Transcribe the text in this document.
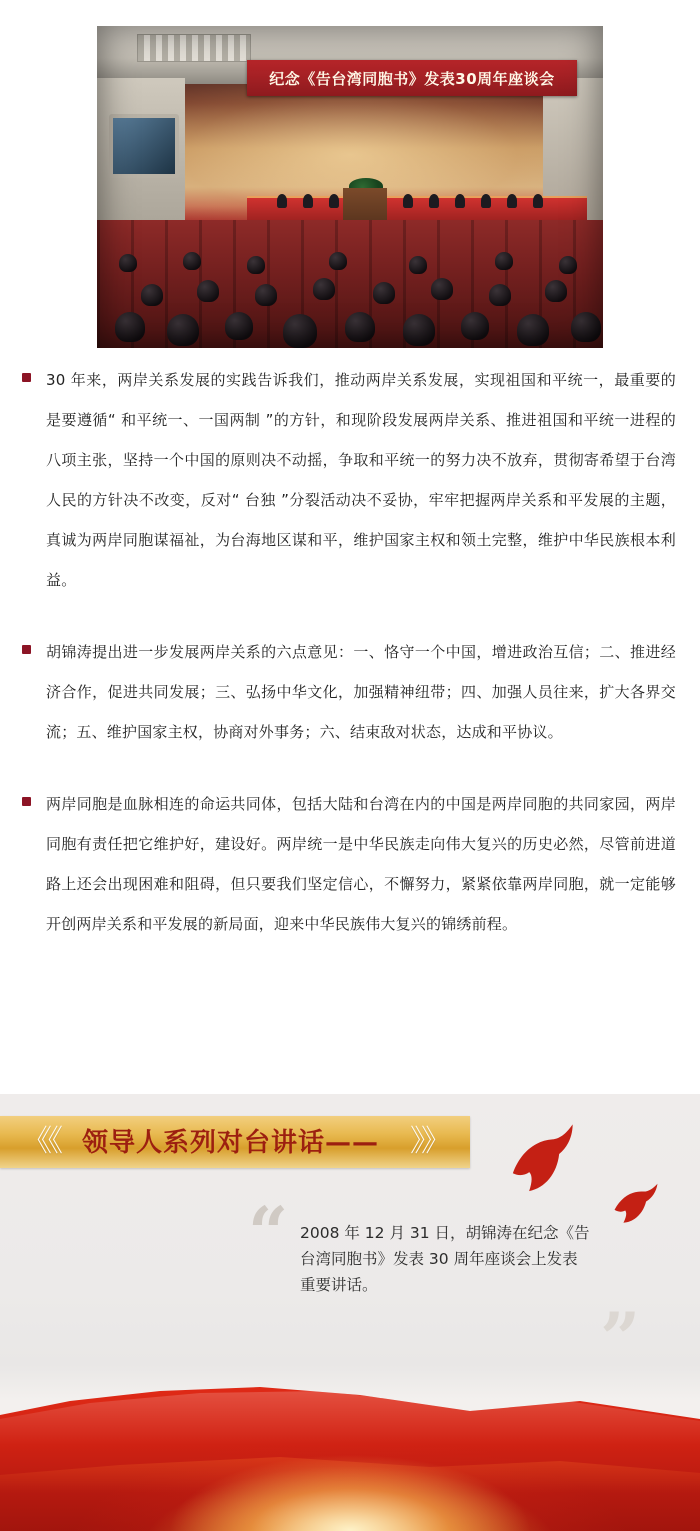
纪念《告台湾同胞书》发表30周年座谈会

30 年来，两岸关系发展的实践告诉我们，推动两岸关系发展，实现祖国和平统一，最重要的是要遵循“ 和平统一、一国两制 ”的方针，和现阶段发展两岸关系、推进祖国和平统一进程的八项主张，坚持一个中国的原则决不动摇，争取和平统一的努力决不放弃，贯彻寄希望于台湾人民的方针决不改变，反对“ 台独 ”分裂活动决不妥协，牢牢把握两岸关系和平发展的主题，真诚为两岸同胞谋福祉，为台海地区谋和平，维护国家主权和领土完整，维护中华民族根本利益。

胡锦涛提出进一步发展两岸关系的六点意见：一、恪守一个中国，增进政治互信；二、推进经济合作，促进共同发展；三、弘扬中华文化，加强精神纽带；四、加强人员往来，扩大各界交流；五、维护国家主权，协商对外事务；六、结束敌对状态，达成和平协议。

两岸同胞是血脉相连的命运共同体，包括大陆和台湾在内的中国是两岸同胞的共同家园，两岸同胞有责任把它维护好，建设好。两岸统一是中华民族走向伟大复兴的历史必然，尽管前进道路上还会出现困难和阻碍，但只要我们坚定信心，不懈努力，紧紧依靠两岸同胞，就一定能够开创两岸关系和平发展的新局面，迎来中华民族伟大复兴的锦绣前程。

《《 领导人系列对台讲话—— 》》
“ 2008 年 12 月 31 日，胡锦涛在纪念《告台湾同胞书》发表 30 周年座谈会上发表重要讲话。
”
